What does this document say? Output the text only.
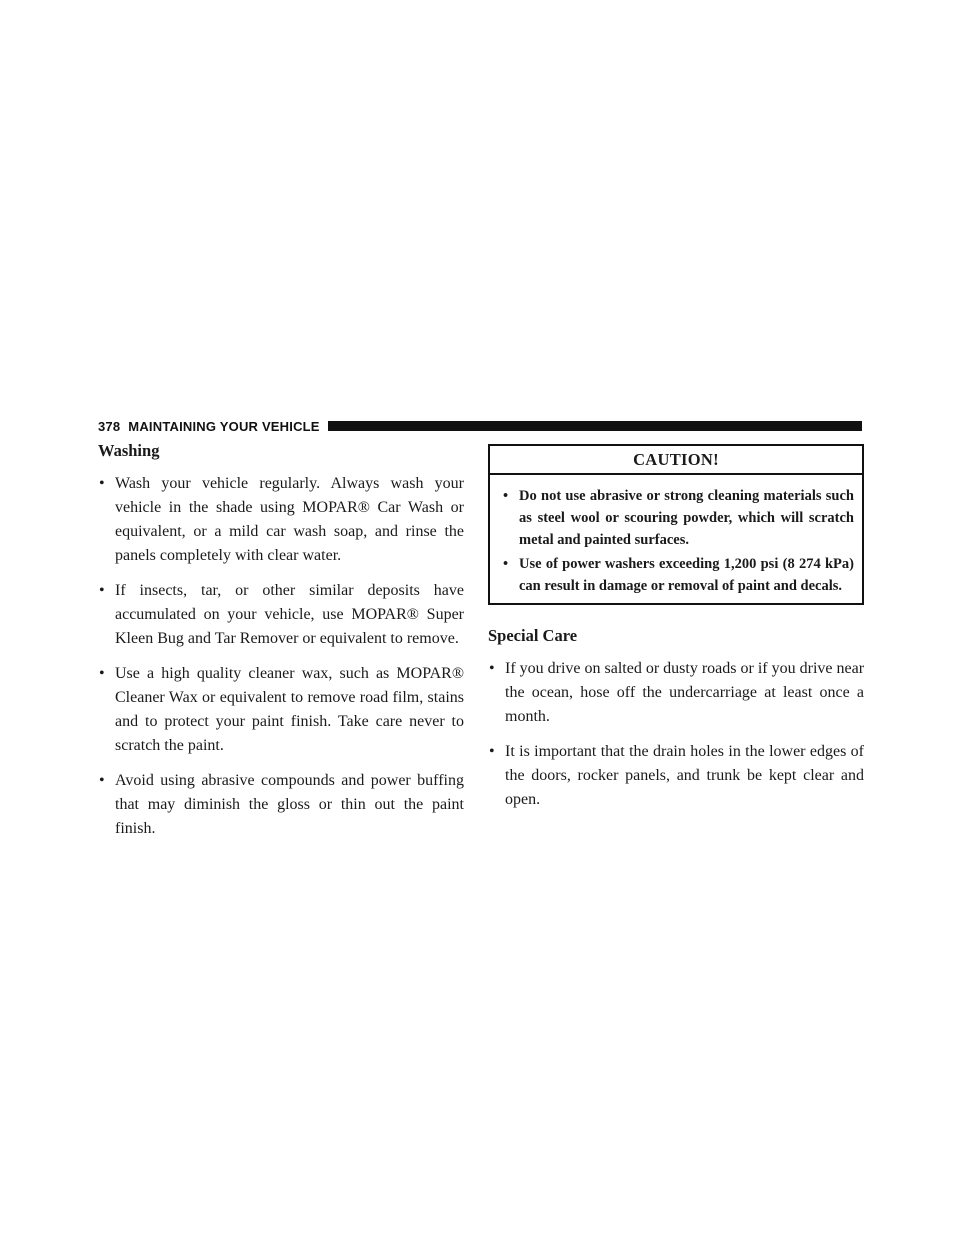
378 MAINTAINING YOUR VEHICLE
Washing
• Wash your vehicle regularly. Always wash your vehicle in the shade using MOPAR® Car Wash or equivalent, or a mild car wash soap, and rinse the panels completely with clear water.
• If insects, tar, or other similar deposits have accumulated on your vehicle, use MOPAR® Super Kleen Bug and Tar Remover or equivalent to remove.
• Use a high quality cleaner wax, such as MOPAR® Cleaner Wax or equivalent to remove road film, stains and to protect your paint finish. Take care never to scratch the paint.
• Avoid using abrasive compounds and power buffing that may diminish the gloss or thin out the paint finish.
CAUTION!
• Do not use abrasive or strong cleaning materials such as steel wool or scouring powder, which will scratch metal and painted surfaces.
• Use of power washers exceeding 1,200 psi (8 274 kPa) can result in damage or removal of paint and decals.
Special Care
• If you drive on salted or dusty roads or if you drive near the ocean, hose off the undercarriage at least once a month.
• It is important that the drain holes in the lower edges of the doors, rocker panels, and trunk be kept clear and open.
